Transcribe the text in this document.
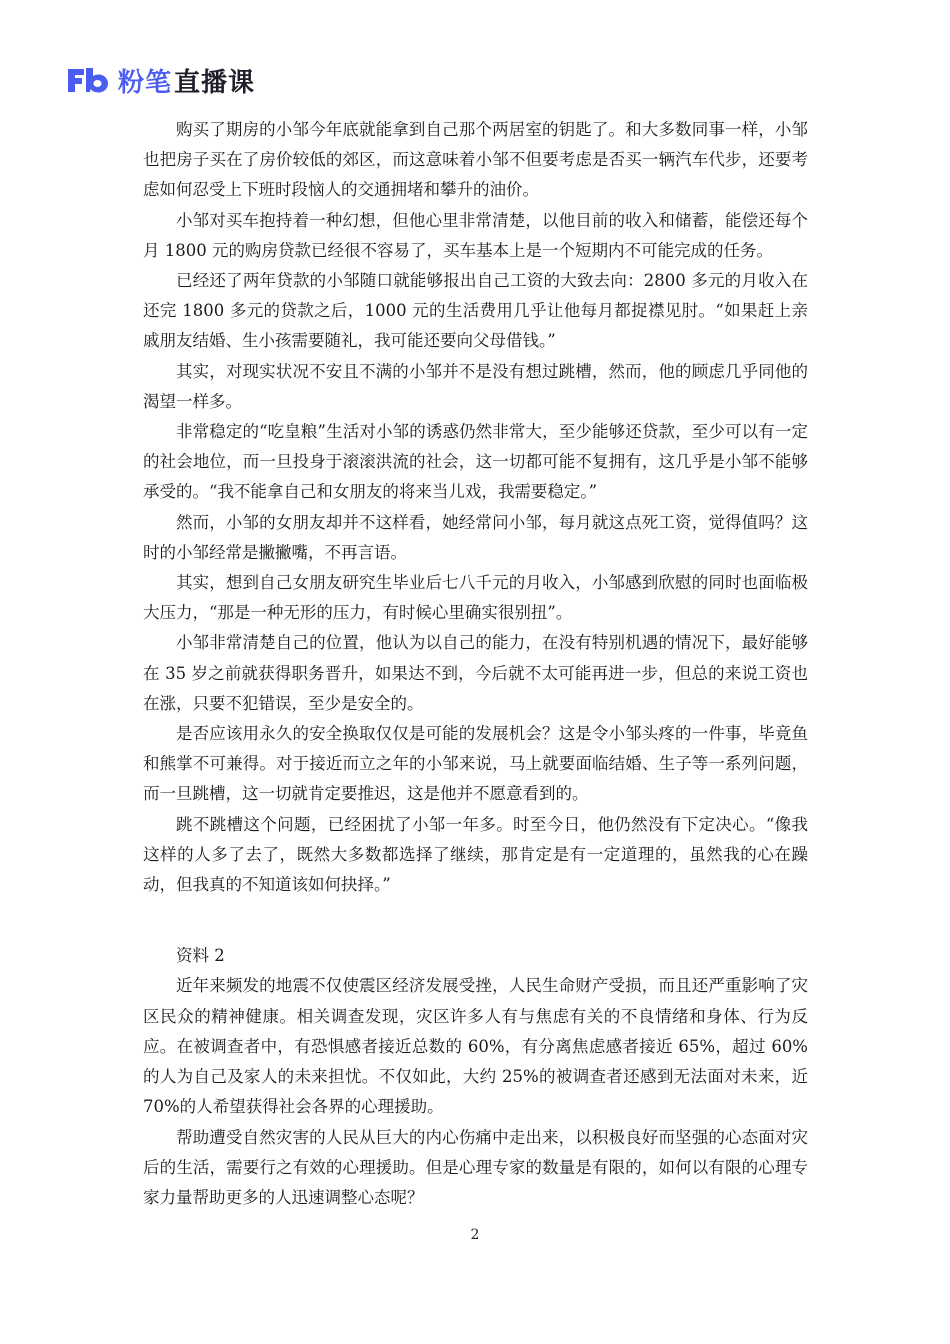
粉笔 直播课

购买了期房的小邹今年底就能拿到自己那个两居室的钥匙了。和大多数同事一样，小邹也把房子买在了房价较低的郊区，而这意味着小邹不但要考虑是否买一辆汽车代步，还要考虑如何忍受上下班时段恼人的交通拥堵和攀升的油价。

小邹对买车抱持着一种幻想，但他心里非常清楚，以他目前的收入和储蓄，能偿还每个月 1800 元的购房贷款已经很不容易了，买车基本上是一个短期内不可能完成的任务。

已经还了两年贷款的小邹随口就能够报出自己工资的大致去向：2800 多元的月收入在还完 1800 多元的贷款之后，1000 元的生活费用几乎让他每月都捉襟见肘。“如果赶上亲戚朋友结婚、生小孩需要随礼，我可能还要向父母借钱。”

其实，对现实状况不安且不满的小邹并不是没有想过跳槽，然而，他的顾虑几乎同他的渴望一样多。

非常稳定的“吃皇粮”生活对小邹的诱惑仍然非常大，至少能够还贷款，至少可以有一定的社会地位，而一旦投身于滚滚洪流的社会，这一切都可能不复拥有，这几乎是小邹不能够承受的。“我不能拿自己和女朋友的将来当儿戏，我需要稳定。”

然而，小邹的女朋友却并不这样看，她经常问小邹，每月就这点死工资，觉得值吗？这时的小邹经常是撇撇嘴，不再言语。

其实，想到自己女朋友研究生毕业后七八千元的月收入，小邹感到欣慰的同时也面临极大压力，“那是一种无形的压力，有时候心里确实很别扭”。

小邹非常清楚自己的位置，他认为以自己的能力，在没有特别机遇的情况下，最好能够在 35 岁之前就获得职务晋升，如果达不到，今后就不太可能再进一步，但总的来说工资也在涨，只要不犯错误，至少是安全的。

是否应该用永久的安全换取仅仅是可能的发展机会？这是令小邹头疼的一件事，毕竟鱼和熊掌不可兼得。对于接近而立之年的小邹来说，马上就要面临结婚、生子等一系列问题，而一旦跳槽，这一切就肯定要推迟，这是他并不愿意看到的。

跳不跳槽这个问题，已经困扰了小邹一年多。时至今日，他仍然没有下定决心。“像我这样的人多了去了，既然大多数都选择了继续，那肯定是有一定道理的，虽然我的心在躁动，但我真的不知道该如何抉择。”

资料 2

近年来频发的地震不仅使震区经济发展受挫，人民生命财产受损，而且还严重影响了灾区民众的精神健康。相关调查发现，灾区许多人有与焦虑有关的不良情绪和身体、行为反应。在被调查者中，有恐惧感者接近总数的 60%，有分离焦虑感者接近 65%，超过 60%的人为自己及家人的未来担忧。不仅如此，大约 25%的被调查者还感到无法面对未来，近 70%的人希望获得社会各界的心理援助。

帮助遭受自然灾害的人民从巨大的内心伤痛中走出来，以积极良好而坚强的心态面对灾后的生活，需要行之有效的心理援助。但是心理专家的数量是有限的，如何以有限的心理专家力量帮助更多的人迅速调整心态呢？

2
